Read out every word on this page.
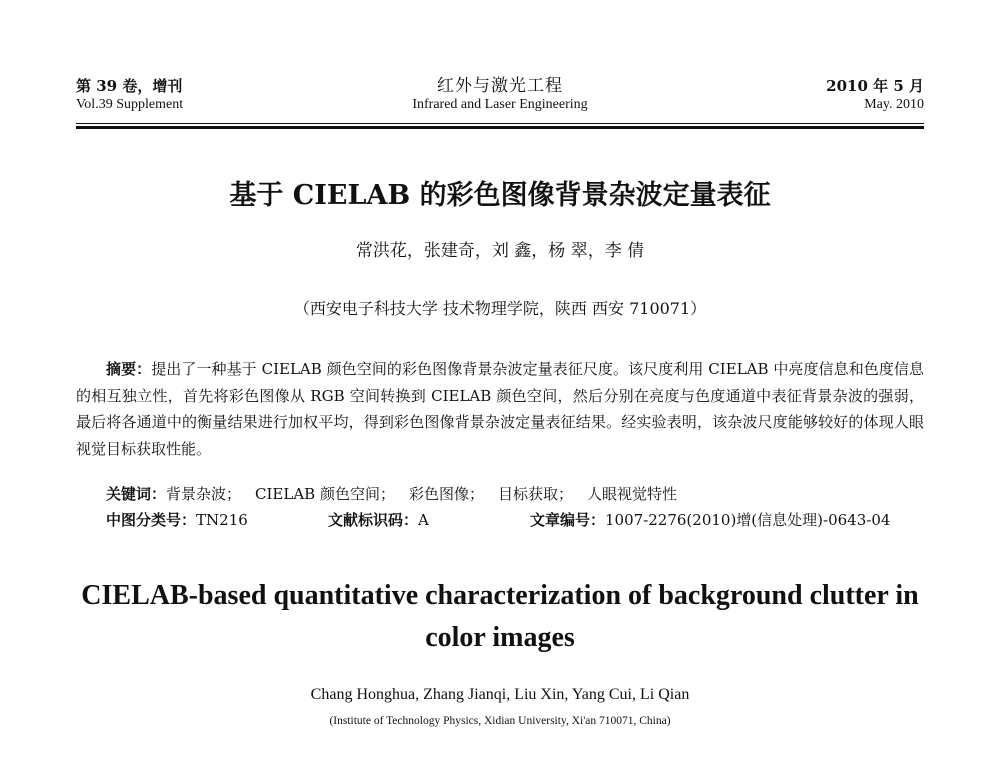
第 39 卷，增刊
Vol.39 Supplement
红外与激光工程
Infrared and Laser Engineering
2010 年 5 月
May. 2010
基于 CIELAB 的彩色图像背景杂波定量表征
常洪花，张建奇，刘 鑫，杨 翠，李 倩
（西安电子科技大学 技术物理学院，陕西 西安 710071）
摘要：提出了一种基于 CIELAB 颜色空间的彩色图像背景杂波定量表征尺度。该尺度利用 CIELAB 中亮度信息和色度信息的相互独立性，首先将彩色图像从 RGB 空间转换到 CIELAB 颜色空间，然后分别在亮度与色度通道中表征背景杂波的强弱，最后将各通道中的衡量结果进行加权平均，得到彩色图像背景杂波定量表征结果。经实验表明，该杂波尺度能够较好的体现人眼视觉目标获取性能。
关键词：背景杂波； CIELAB 颜色空间； 彩色图像； 目标获取； 人眼视觉特性
中图分类号：TN216	文献标识码：A	文章编号：1007-2276(2010)增(信息处理)-0643-04
CIELAB-based quantitative characterization of background clutter in color images
Chang Honghua, Zhang Jianqi, Liu Xin, Yang Cui, Li Qian
(Institute of Technology Physics, Xidian University, Xi'an 710071, China)
